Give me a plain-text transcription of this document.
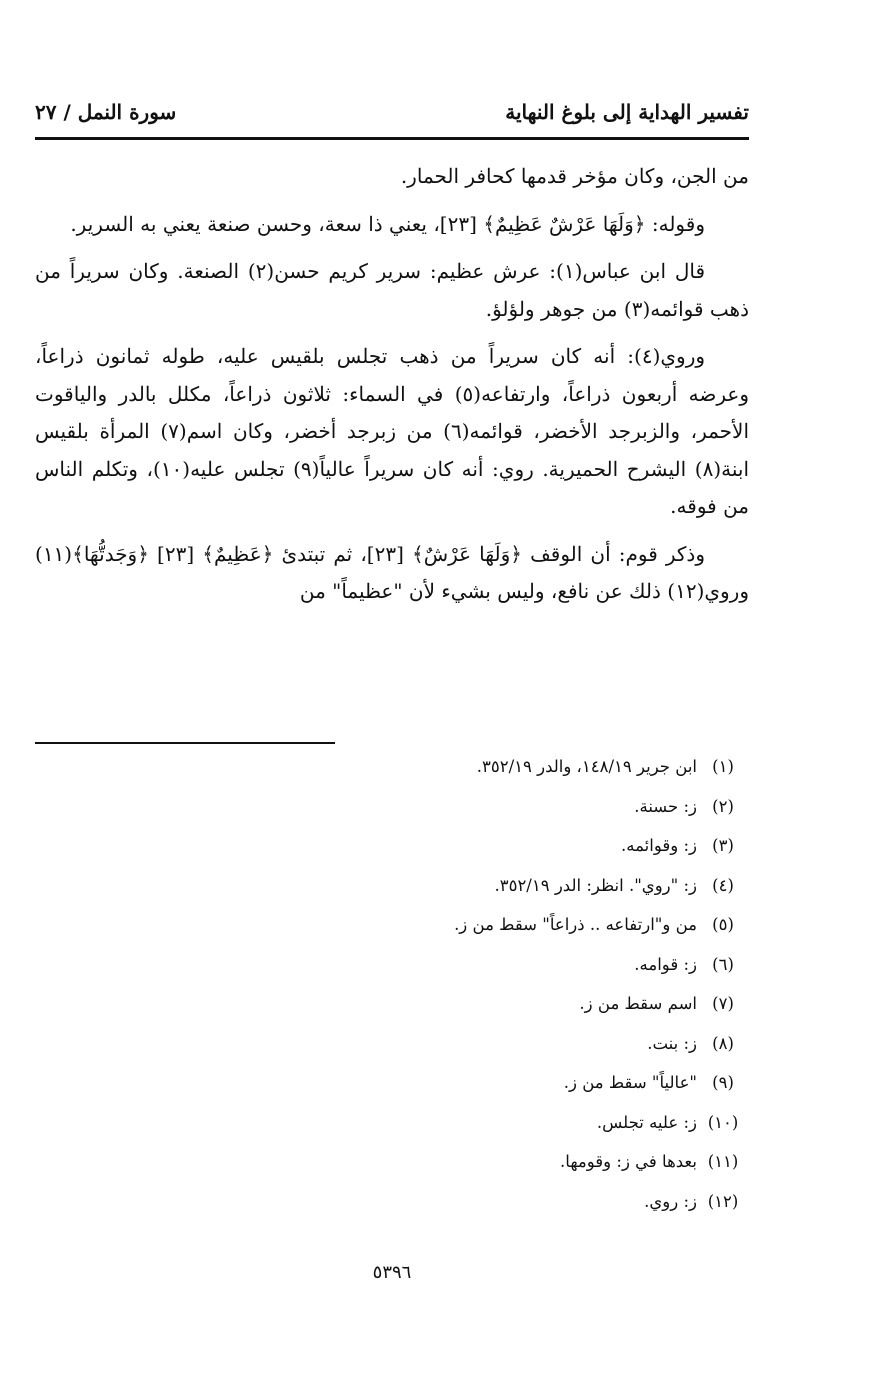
تفسير الهداية إلى بلوغ النهاية
سورة النمل / ٢٧

من الجن، وكان مؤخر قدمها كحافر الحمار.

وقوله: ﴿وَلَهَا عَرْشٌ عَظِيمٌ﴾ [٢٣]، يعني ذا سعة، وحسن صنعة يعني به السرير.

قال ابن عباس(١): عرش عظيم: سرير كريم حسن(٢) الصنعة. وكان سريراً من ذهب قوائمه(٣) من جوهر ولؤلؤ.

وروي(٤): أنه كان سريراً من ذهب تجلس بلقيس عليه، طوله ثمانون ذراعاً، وعرضه أربعون ذراعاً، وارتفاعه(٥) في السماء: ثلاثون ذراعاً، مكلل بالدر والياقوت الأحمر، والزبرجد الأخضر، قوائمه(٦) من زبرجد أخضر، وكان اسم(٧) المرأة بلقيس ابنة(٨) اليشرح الحميرية. روي: أنه كان سريراً عالياً(٩) تجلس عليه(١٠)، وتكلم الناس من فوقه.

وذكر قوم: أن الوقف ﴿وَلَهَا عَرْشٌ﴾ [٢٣]، ثم تبتدئ ﴿عَظِيمٌ﴾ [٢٣] ﴿وَجَدتُّهَا﴾(١١) وروي(١٢) ذلك عن نافع، وليس بشيء لأن "عظيماً" من

(١)
ابن جرير ١٤٨/١٩، والدر ٣٥٢/١٩.
(٢)
ز: حسنة.
(٣)
ز: وقوائمه.
(٤)
ز: "روي". انظر: الدر ٣٥٢/١٩.
(٥)
من و"ارتفاعه .. ذراعاً" سقط من ز.
(٦)
ز: قوامه.
(٧)
اسم سقط من ز.
(٨)
ز: بنت.
(٩)
"عالياً" سقط من ز.
(١٠)
ز: عليه تجلس.
(١١)
بعدها في ز: وقومها.
(١٢)
ز: روي.
٥٣٩٦
